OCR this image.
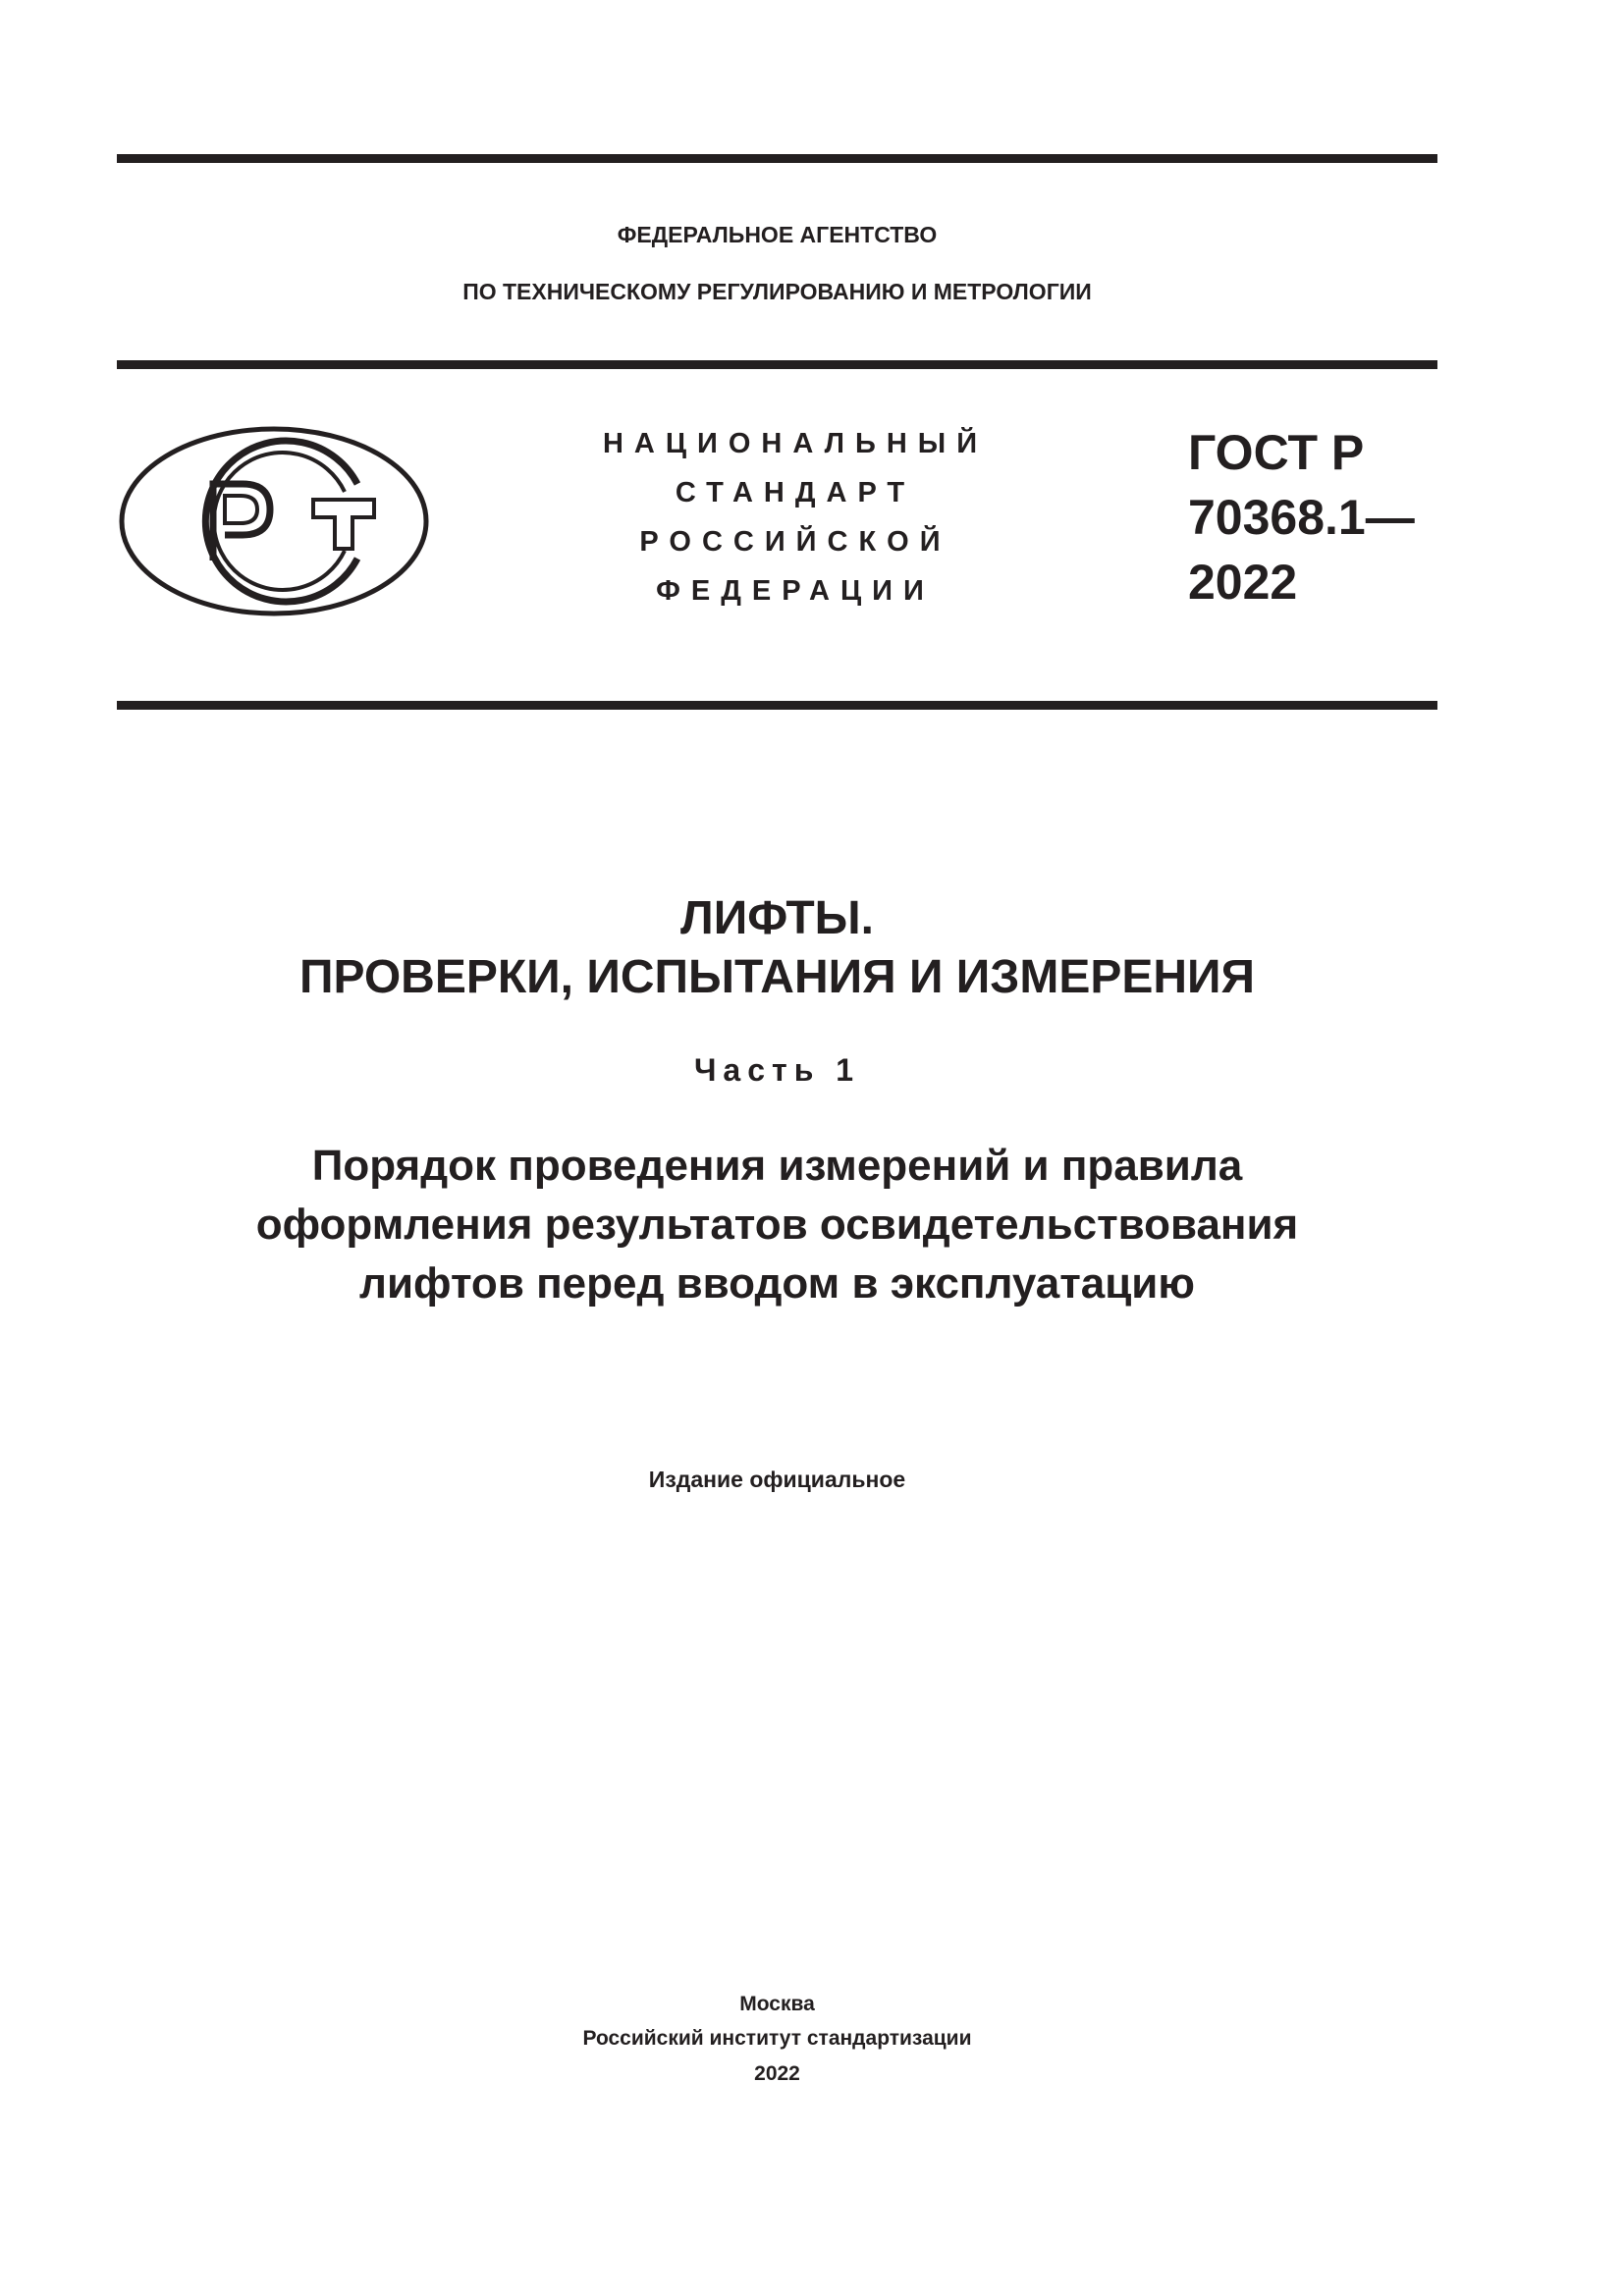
ФЕДЕРАЛЬНОЕ АГЕНТСТВО
ПО ТЕХНИЧЕСКОМУ РЕГУЛИРОВАНИЮ И МЕТРОЛОГИИ
НАЦИОНАЛЬНЫЙ
СТАНДАРТ
РОССИЙСКОЙ
ФЕДЕРАЦИИ
ГОСТ Р
70368.1—
2022
ЛИФТЫ.
ПРОВЕРКИ, ИСПЫТАНИЯ И ИЗМЕРЕНИЯ
Часть 1
Порядок проведения измерений и правила
оформления результатов освидетельствования
лифтов перед вводом в эксплуатацию
Издание официальное
Москва
Российский институт стандартизации
2022
